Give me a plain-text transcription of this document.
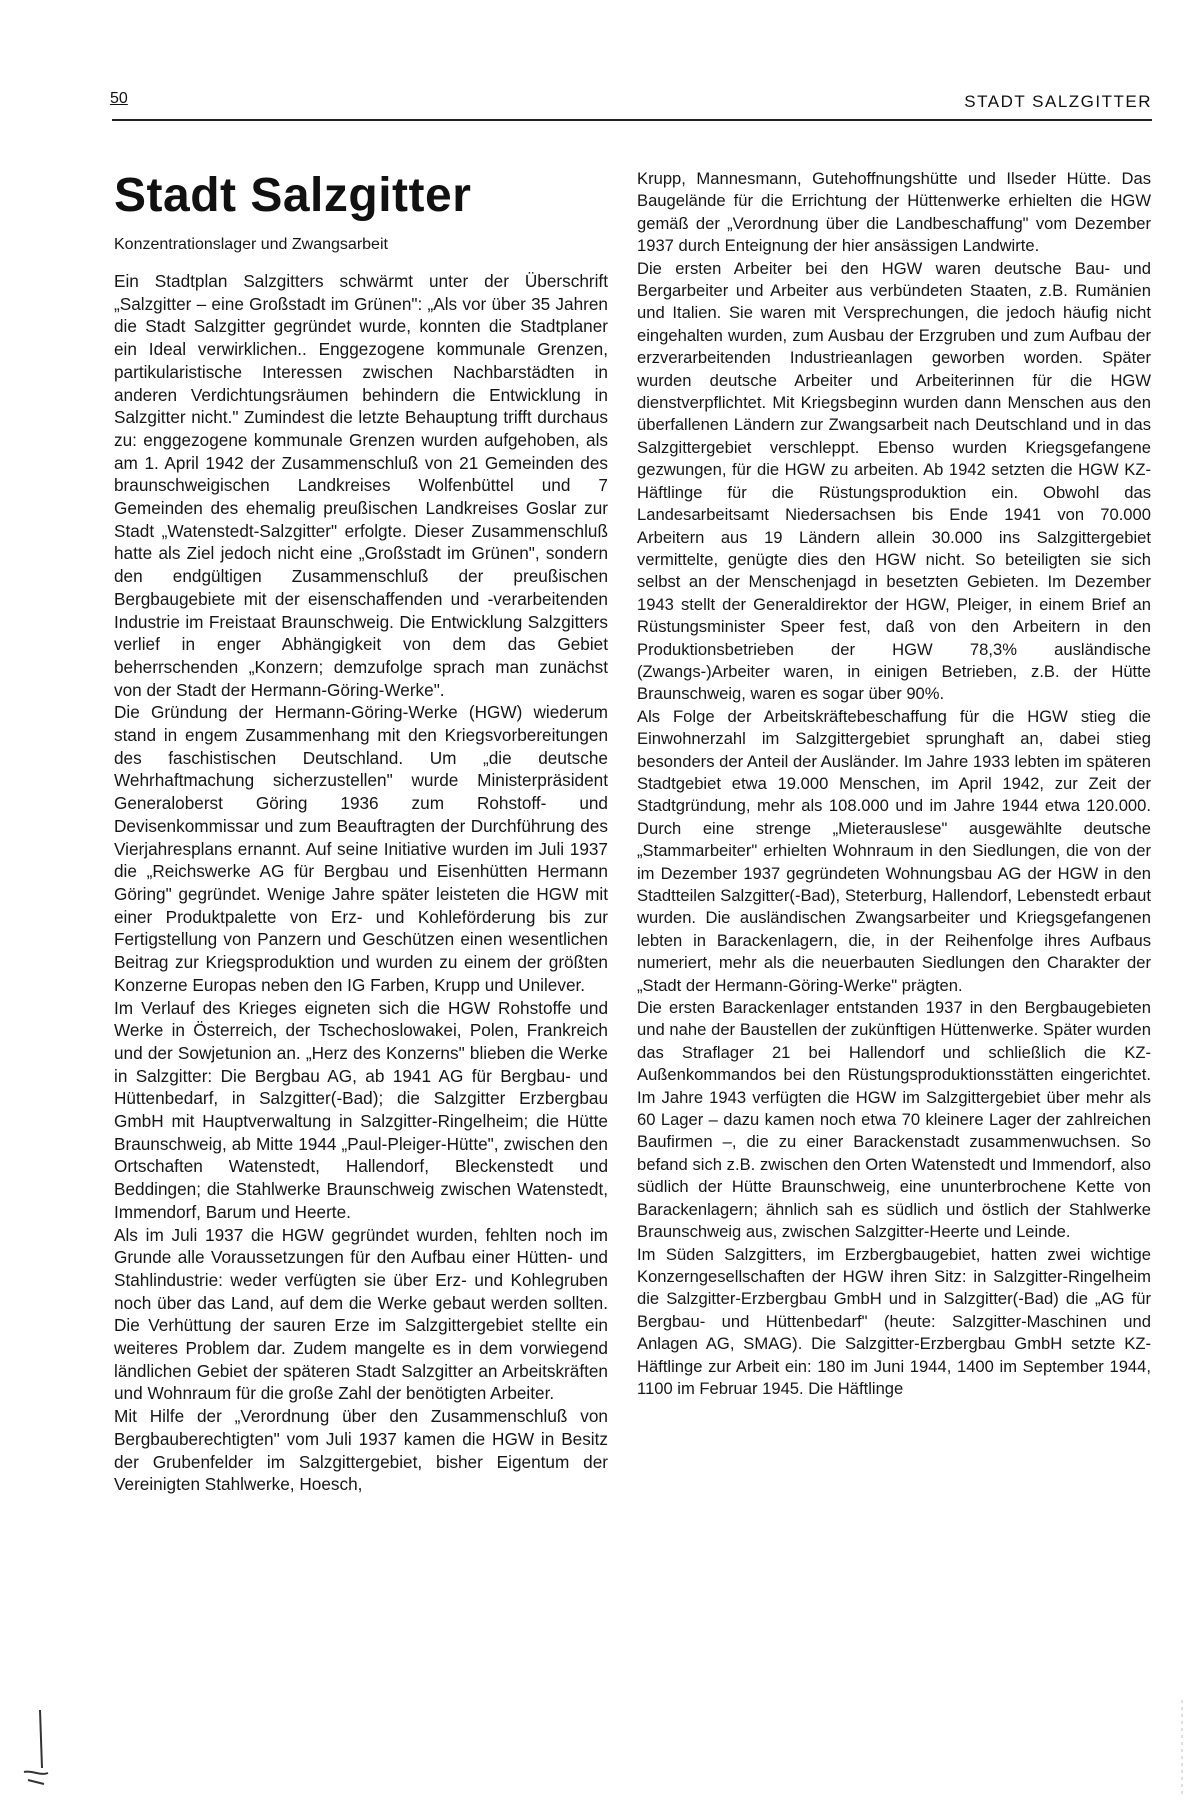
50	STADT SALZGITTER
Stadt Salzgitter
Konzentrationslager und Zwangsarbeit

Ein Stadtplan Salzgitters schwärmt unter der Überschrift „Salzgitter – eine Großstadt im Grünen": „Als vor über 35 Jahren die Stadt Salzgitter gegründet wurde, konnten die Stadtplaner ein Ideal verwirklichen.. Enggezogene kommunale Grenzen, partikularistische Interessen zwischen Nachbarstädten in anderen Verdichtungsräumen behindern die Entwicklung in Salzgitter nicht." Zumindest die letzte Behauptung trifft durchaus zu: enggezogene kommunale Grenzen wurden aufgehoben, als am 1. April 1942 der Zusammenschluß von 21 Gemeinden des braunschweigischen Landkreises Wolfenbüttel und 7 Gemeinden des ehemalig preußischen Landkreises Goslar zur Stadt „Watenstedt-Salzgitter" erfolgte. Dieser Zusammenschluß hatte als Ziel jedoch nicht eine „Großstadt im Grünen", sondern den endgültigen Zusammenschluß der preußischen Bergbaugebiete mit der eisenschaffenden und -verarbeitenden Industrie im Freistaat Braunschweig. Die Entwicklung Salzgitters verlief in enger Abhängigkeit von dem das Gebiet beherrschenden „Konzern; demzufolge sprach man zunächst von der Stadt der Hermann-Göring-Werke".

Die Gründung der Hermann-Göring-Werke (HGW) wiederum stand in engem Zusammenhang mit den Kriegsvorbereitungen des faschistischen Deutschland. Um „die deutsche Wehrhaftmachung sicherzustellen" wurde Ministerpräsident Generaloberst Göring 1936 zum Rohstoff- und Devisenkommissar und zum Beauftragten der Durchführung des Vierjahresplans ernannt. Auf seine Initiative wurden im Juli 1937 die „Reichswerke AG für Bergbau und Eisenhütten Hermann Göring" gegründet. Wenige Jahre später leisteten die HGW mit einer Produktpalette von Erz- und Kohleförderung bis zur Fertigstellung von Panzern und Geschützen einen wesentlichen Beitrag zur Kriegsproduktion und wurden zu einem der größten Konzerne Europas neben den IG Farben, Krupp und Unilever.

Im Verlauf des Krieges eigneten sich die HGW Rohstoffe und Werke in Österreich, der Tschechoslowakei, Polen, Frankreich und der Sowjetunion an. „Herz des Konzerns" blieben die Werke in Salzgitter: Die Bergbau AG, ab 1941 AG für Bergbau- und Hüttenbedarf, in Salzgitter(-Bad); die Salzgitter Erzbergbau GmbH mit Hauptverwaltung in Salzgitter-Ringelheim; die Hütte Braunschweig, ab Mitte 1944 „Paul-Pleiger-Hütte", zwischen den Ortschaften Watenstedt, Hallendorf, Bleckenstedt und Beddingen; die Stahlwerke Braunschweig zwischen Watenstedt, Immendorf, Barum und Heerte.

Als im Juli 1937 die HGW gegründet wurden, fehlten noch im Grunde alle Voraussetzungen für den Aufbau einer Hütten- und Stahlindustrie: weder verfügten sie über Erz- und Kohlegruben noch über das Land, auf dem die Werke gebaut werden sollten. Die Verhüttung der sauren Erze im Salzgittergebiet stellte ein weiteres Problem dar. Zudem mangelte es in dem vorwiegend ländlichen Gebiet der späteren Stadt Salzgitter an Arbeitskräften und Wohnraum für die große Zahl der benötigten Arbeiter.

Mit Hilfe der „Verordnung über den Zusammenschluß von Bergbauberechtigten" vom Juli 1937 kamen die HGW in Besitz der Grubenfelder im Salzgittergebiet, bisher Eigentum der Vereinigten Stahlwerke, Hoesch,

Krupp, Mannesmann, Gutehoffnungshütte und Ilseder Hütte. Das Baugelände für die Errichtung der Hüttenwerke erhielten die HGW gemäß der „Verordnung über die Landbeschaffung" vom Dezember 1937 durch Enteignung der hier ansässigen Landwirte.

Die ersten Arbeiter bei den HGW waren deutsche Bau- und Bergarbeiter und Arbeiter aus verbündeten Staaten, z.B. Rumänien und Italien. Sie waren mit Versprechungen, die jedoch häufig nicht eingehalten wurden, zum Ausbau der Erzgruben und zum Aufbau der erzverarbeitenden Industrieanlagen geworben worden. Später wurden deutsche Arbeiter und Arbeiterinnen für die HGW dienstverpflichtet. Mit Kriegsbeginn wurden dann Menschen aus den überfallenen Ländern zur Zwangsarbeit nach Deutschland und in das Salzgittergebiet verschleppt. Ebenso wurden Kriegsgefangene gezwungen, für die HGW zu arbeiten. Ab 1942 setzten die HGW KZ-Häftlinge für die Rüstungsproduktion ein. Obwohl das Landesarbeitsamt Niedersachsen bis Ende 1941 von 70.000 Arbeitern aus 19 Ländern allein 30.000 ins Salzgittergebiet vermittelte, genügte dies den HGW nicht. So beteiligten sie sich selbst an der Menschenjagd in besetzten Gebieten. Im Dezember 1943 stellt der Generaldirektor der HGW, Pleiger, in einem Brief an Rüstungsminister Speer fest, daß von den Arbeitern in den Produktionsbetrieben der HGW 78,3% ausländische (Zwangs-)Arbeiter waren, in einigen Betrieben, z.B. der Hütte Braunschweig, waren es sogar über 90%.

Als Folge der Arbeitskräftebeschaffung für die HGW stieg die Einwohnerzahl im Salzgittergebiet sprunghaft an, dabei stieg besonders der Anteil der Ausländer. Im Jahre 1933 lebten im späteren Stadtgebiet etwa 19.000 Menschen, im April 1942, zur Zeit der Stadtgründung, mehr als 108.000 und im Jahre 1944 etwa 120.000. Durch eine strenge „Mieterauslese" ausgewählte deutsche „Stammarbeiter" erhielten Wohnraum in den Siedlungen, die von der im Dezember 1937 gegründeten Wohnungsbau AG der HGW in den Stadtteilen Salzgitter(-Bad), Steterburg, Hallendorf, Lebenstedt erbaut wurden. Die ausländischen Zwangsarbeiter und Kriegsgefangenen lebten in Barackenlagern, die, in der Reihenfolge ihres Aufbaus numeriert, mehr als die neuerbauten Siedlungen den Charakter der „Stadt der Hermann-Göring-Werke" prägten.

Die ersten Barackenlager entstanden 1937 in den Bergbaugebieten und nahe der Baustellen der zukünftigen Hüttenwerke. Später wurden das Straflager 21 bei Hallendorf und schließlich die KZ-Außenkommandos bei den Rüstungsproduktionsstätten eingerichtet. Im Jahre 1943 verfügten die HGW im Salzgittergebiet über mehr als 60 Lager – dazu kamen noch etwa 70 kleinere Lager der zahlreichen Baufirmen –, die zu einer Barackenstadt zusammenwuchsen. So befand sich z.B. zwischen den Orten Watenstedt und Immendorf, also südlich der Hütte Braunschweig, eine ununterbrochene Kette von Barackenlagern; ähnlich sah es südlich und östlich der Stahlwerke Braunschweig aus, zwischen Salzgitter-Heerte und Leinde.

Im Süden Salzgitters, im Erzbergbaugebiet, hatten zwei wichtige Konzerngesellschaften der HGW ihren Sitz: in Salzgitter-Ringelheim die Salzgitter-Erzbergbau GmbH und in Salzgitter(-Bad) die „AG für Bergbau- und Hüttenbedarf" (heute: Salzgitter-Maschinen und Anlagen AG, SMAG). Die Salzgitter-Erzbergbau GmbH setzte KZ-Häftlinge zur Arbeit ein: 180 im Juni 1944, 1400 im September 1944, 1100 im Februar 1945. Die Häftlinge
